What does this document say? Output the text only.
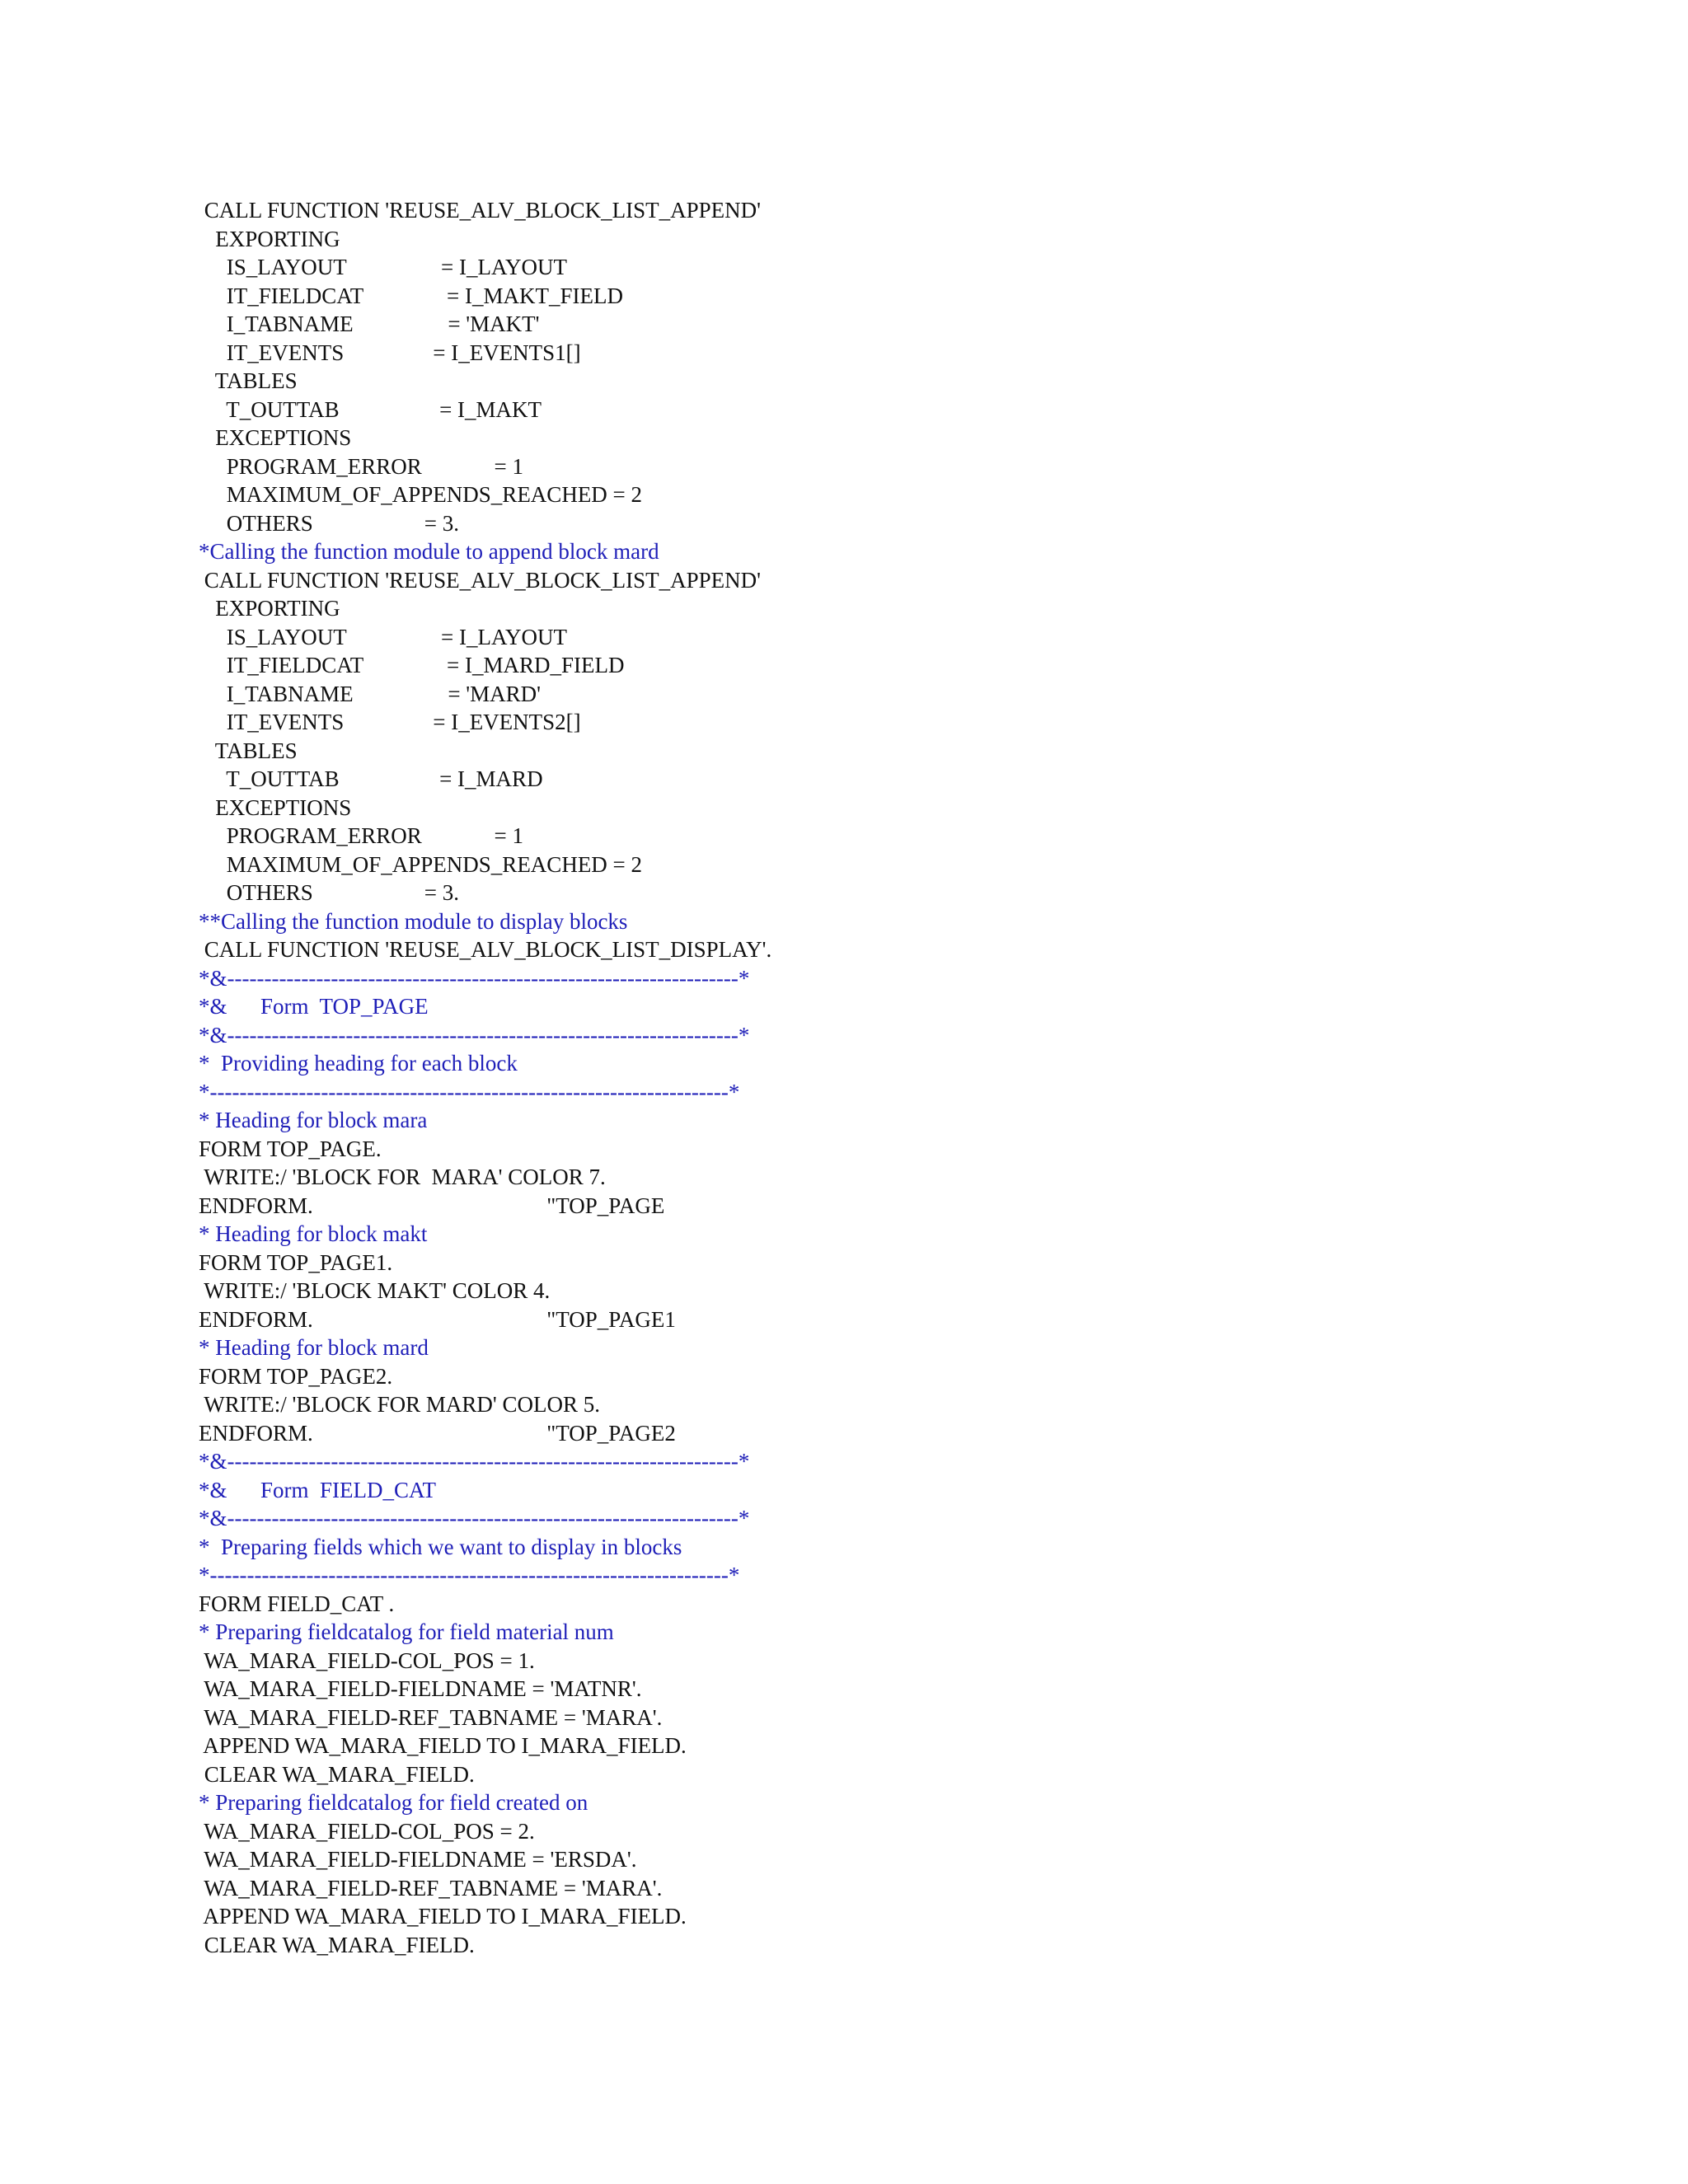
CALL FUNCTION 'REUSE_ALV_BLOCK_LIST_APPEND'
EXPORTING
IS_LAYOUT                 = I_LAYOUT
IT_FIELDCAT               = I_MAKT_FIELD
I_TABNAME                 = 'MAKT'
IT_EVENTS                = I_EVENTS1[]
TABLES
T_OUTTAB                  = I_MAKT
EXCEPTIONS
PROGRAM_ERROR             = 1
MAXIMUM_OF_APPENDS_REACHED = 2
OTHERS                    = 3.
*Calling the function module to append block mard
CALL FUNCTION 'REUSE_ALV_BLOCK_LIST_APPEND'
EXPORTING
IS_LAYOUT                 = I_LAYOUT
IT_FIELDCAT               = I_MARD_FIELD
I_TABNAME                 = 'MARD'
IT_EVENTS                = I_EVENTS2[]
TABLES
T_OUTTAB                  = I_MARD
EXCEPTIONS
PROGRAM_ERROR             = 1
MAXIMUM_OF_APPENDS_REACHED = 2
OTHERS                    = 3.
**Calling the function module to display blocks
CALL FUNCTION 'REUSE_ALV_BLOCK_LIST_DISPLAY'.
*&---------------------------------------------------------------------*
*&      Form  TOP_PAGE
*&---------------------------------------------------------------------*
*  Providing heading for each block
*----------------------------------------------------------------------*
* Heading for block mara
FORM TOP_PAGE.
WRITE:/ 'BLOCK FOR  MARA' COLOR 7.
ENDFORM.                                          "TOP_PAGE
* Heading for block makt
FORM TOP_PAGE1.
WRITE:/ 'BLOCK MAKT' COLOR 4.
ENDFORM.                                          "TOP_PAGE1
* Heading for block mard
FORM TOP_PAGE2.
WRITE:/ 'BLOCK FOR MARD' COLOR 5.
ENDFORM.                                          "TOP_PAGE2
*&---------------------------------------------------------------------*
*&      Form  FIELD_CAT
*&---------------------------------------------------------------------*
*  Preparing fields which we want to display in blocks
*----------------------------------------------------------------------*
FORM FIELD_CAT .
* Preparing fieldcatalog for field material num
WA_MARA_FIELD-COL_POS = 1.
WA_MARA_FIELD-FIELDNAME = 'MATNR'.
WA_MARA_FIELD-REF_TABNAME = 'MARA'.
APPEND WA_MARA_FIELD TO I_MARA_FIELD.
CLEAR WA_MARA_FIELD.
* Preparing fieldcatalog for field created on
WA_MARA_FIELD-COL_POS = 2.
WA_MARA_FIELD-FIELDNAME = 'ERSDA'.
WA_MARA_FIELD-REF_TABNAME = 'MARA'.
APPEND WA_MARA_FIELD TO I_MARA_FIELD.
CLEAR WA_MARA_FIELD.
